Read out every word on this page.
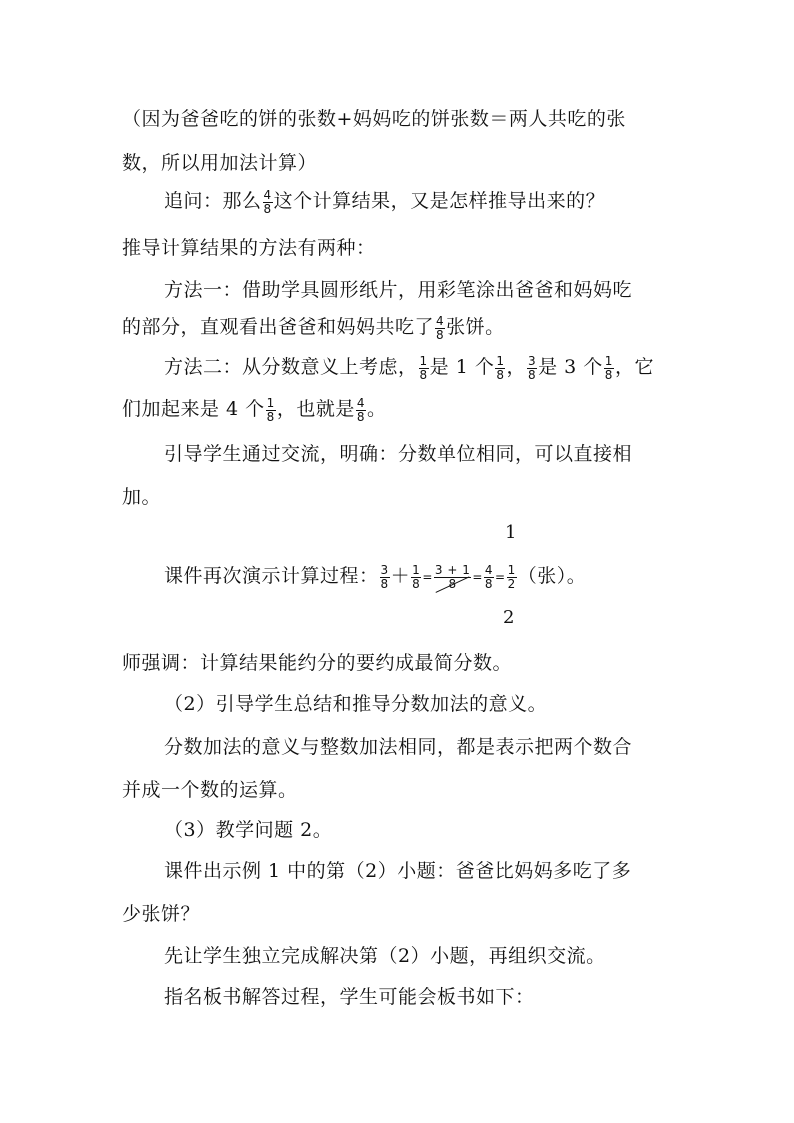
（因为爸爸吃的饼的张数+妈妈吃的饼张数＝两人共吃的张
数，所以用加法计算）
追问：那么 $\frac{4}{8}$ 这个计算结果，又是怎样推导出来的？
推导计算结果的方法有两种：
方法一：借助学具圆形纸片，用彩笔涂出爸爸和妈妈吃
的部分，直观看出爸爸和妈妈共吃了 $\frac{4}{8}$ 张饼。
方法二：从分数意义上考虑， $\frac{1}{8}$ 是 1 个 $\frac{1}{8}$ ， $\frac{3}{8}$ 是 3 个 $\frac{1}{8}$ ，它
们加起来是 4 个 $\frac{1}{8}$ ，也就是 $\frac{4}{8}$ 。
引导学生通过交流，明确：分数单位相同，可以直接相
加。
1
课件再次演示计算过程： $\frac{3}{8} + \frac{1}{8} = \frac{3 + 1}{8} = \frac{4}{8} = \frac{1}{2}$ （张）。
2
师强调：计算结果能约分的要约成最简分数。
（2）引导学生总结和推导分数加法的意义。
分数加法的意义与整数加法相同，都是表示把两个数合
并成一个数的运算。
（3）教学问题 2。
课件出示例 1 中的第（2）小题：爸爸比妈妈多吃了多
少张饼？
先让学生独立完成解决第（2）小题，再组织交流。
指名板书解答过程，学生可能会板书如下：
